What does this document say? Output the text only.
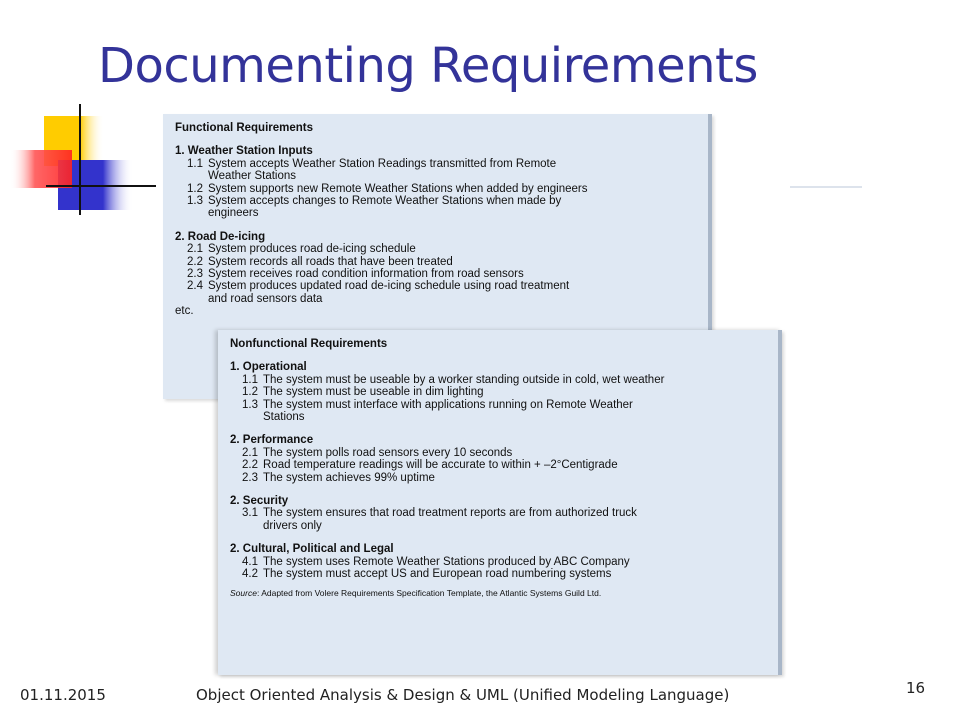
Documenting Requirements
Functional Requirements
1. Weather Station Inputs
1.1 System accepts Weather Station Readings transmitted from Remote
Weather Stations
1.2 System supports new Remote Weather Stations when added by engineers
1.3 System accepts changes to Remote Weather Stations when made by
engineers
2. Road De-icing
2.1 System produces road de-icing schedule
2.2 System records all roads that have been treated
2.3 System receives road condition information from road sensors
2.4 System produces updated road de-icing schedule using road treatment
and road sensors data
etc.
Nonfunctional Requirements
1. Operational
1.1 The system must be useable by a worker standing outside in cold, wet weather
1.2 The system must be useable in dim lighting
1.3 The system must interface with applications running on Remote Weather
Stations
2. Performance
2.1 The system polls road sensors every 10 seconds
2.2 Road temperature readings will be accurate to within + –2°Centigrade
2.3 The system achieves 99% uptime
2. Security
3.1 The system ensures that road treatment reports are from authorized truck
drivers only
2. Cultural, Political and Legal
4.1 The system uses Remote Weather Stations produced by ABC Company
4.2 The system must accept US and European road numbering systems
Source: Adapted from Volere Requirements Specification Template, the Atlantic Systems Guild Ltd.
01.11.2015	Object Oriented Analysis & Design & UML (Unified Modeling Language)	16
